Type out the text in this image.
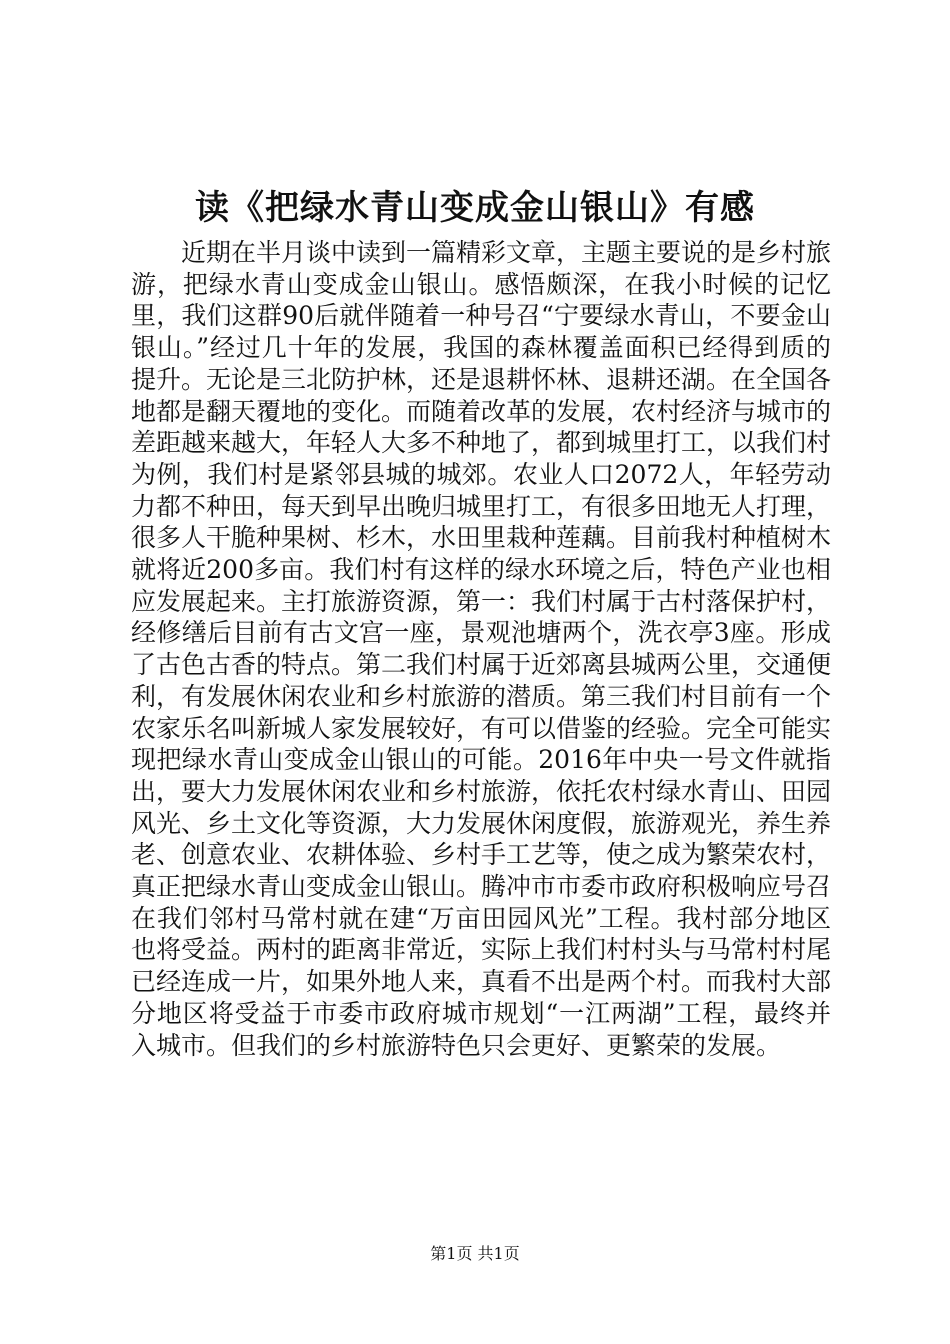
读《把绿水青山变成金山银山》有感

近期在半月谈中读到一篇精彩文章，主题主要说的是乡村旅游，把绿水青山变成金山银山。感悟颇深，在我小时候的记忆里，我们这群90后就伴随着一种号召“宁要绿水青山，不要金山银山。”经过几十年的发展，我国的森林覆盖面积已经得到质的提升。无论是三北防护林，还是退耕怀林、退耕还湖。在全国各地都是翻天覆地的变化。而随着改革的发展，农村经济与城市的差距越来越大，年轻人大多不种地了，都到城里打工，以我们村为例，我们村是紧邻县城的城郊。农业人口2072人，年轻劳动力都不种田，每天到早出晚归城里打工，有很多田地无人打理，很多人干脆种果树、杉木，水田里栽种莲藕。目前我村种植树木就将近200多亩。我们村有这样的绿水环境之后，特色产业也相应发展起来。主打旅游资源，第一：我们村属于古村落保护村，经修缮后目前有古文宫一座，景观池塘两个，洗衣亭3座。形成了古色古香的特点。第二我们村属于近郊离县城两公里，交通便利，有发展休闲农业和乡村旅游的潜质。第三我们村目前有一个农家乐名叫新城人家发展较好，有可以借鉴的经验。完全可能实现把绿水青山变成金山银山的可能。2016年中央一号文件就指出，要大力发展休闲农业和乡村旅游，依托农村绿水青山、田园风光、乡土文化等资源，大力发展休闲度假，旅游观光，养生养老、创意农业、农耕体验、乡村手工艺等，使之成为繁荣农村，真正把绿水青山变成金山银山。腾冲市市委市政府积极响应号召在我们邻村马常村就在建“万亩田园风光”工程。我村部分地区也将受益。两村的距离非常近，实际上我们村村头与马常村村尾已经连成一片，如果外地人来，真看不出是两个村。而我村大部分地区将受益于市委市政府城市规划“一江两湖”工程，最终并入城市。但我们的乡村旅游特色只会更好、更繁荣的发展。

第1页 共1页
